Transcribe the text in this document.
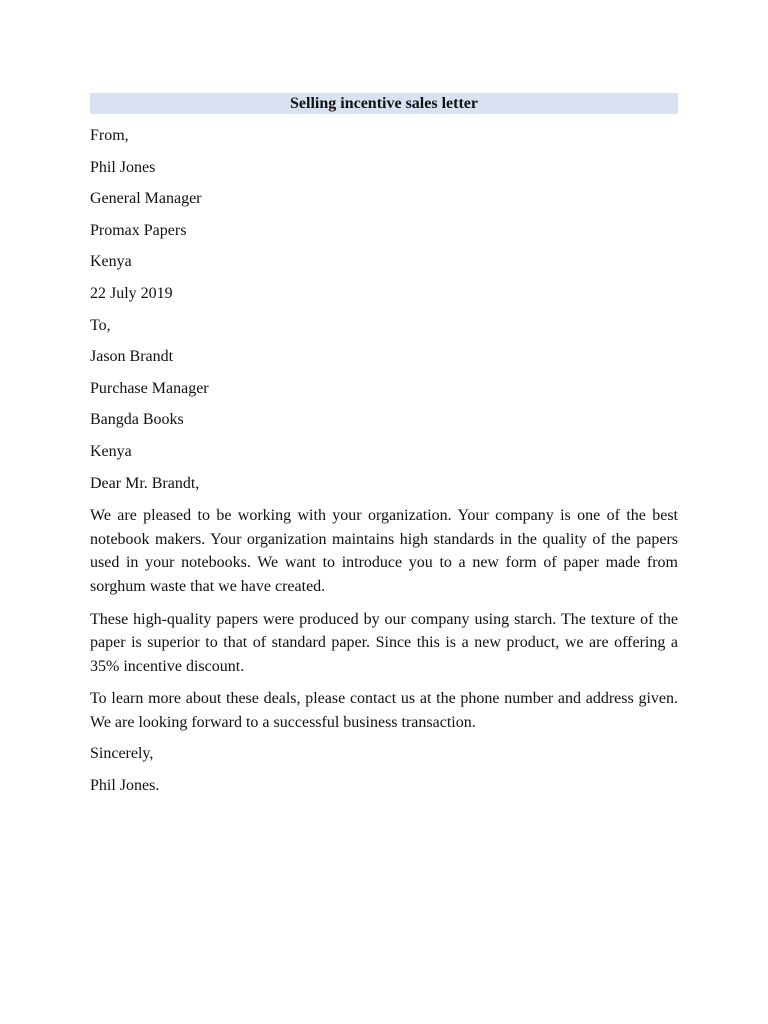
Selling incentive sales letter
From,
Phil Jones
General Manager
Promax Papers
Kenya
22 July 2019
To,
Jason Brandt
Purchase Manager
Bangda Books
Kenya
Dear Mr. Brandt,

We are pleased to be working with your organization. Your company is one of the best notebook makers. Your organization maintains high standards in the quality of the papers used in your notebooks. We want to introduce you to a new form of paper made from sorghum waste that we have created.

These high-quality papers were produced by our company using starch. The texture of the paper is superior to that of standard paper. Since this is a new product, we are offering a 35% incentive discount.

To learn more about these deals, please contact us at the phone number and address given. We are looking forward to a successful business transaction.

Sincerely,
Phil Jones.
